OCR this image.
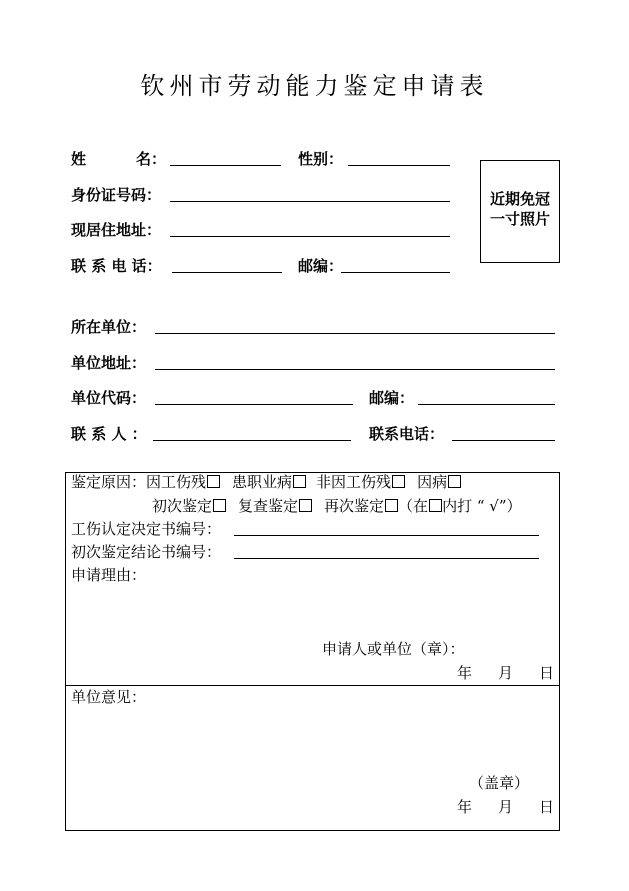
钦州市劳动能力鉴定申请表
姓	名：	性别：
身份证号码：
现居住地址：
联 系 电 话：	邮编：
近期免冠
一寸照片
所在单位：
单位地址：
单位代码：	邮编：
联 系 人 ：	联系电话：
鉴定原因：因工伤残 患职业病 非因工伤残 因病
初次鉴定 复查鉴定 再次鉴定 （在 内打 “ √”）
工伤认定决定书编号：
初次鉴定结论书编号：
申请理由：
申请人或单位（章）：
年 月 日
单位意见：
（盖章）
年 月 日
